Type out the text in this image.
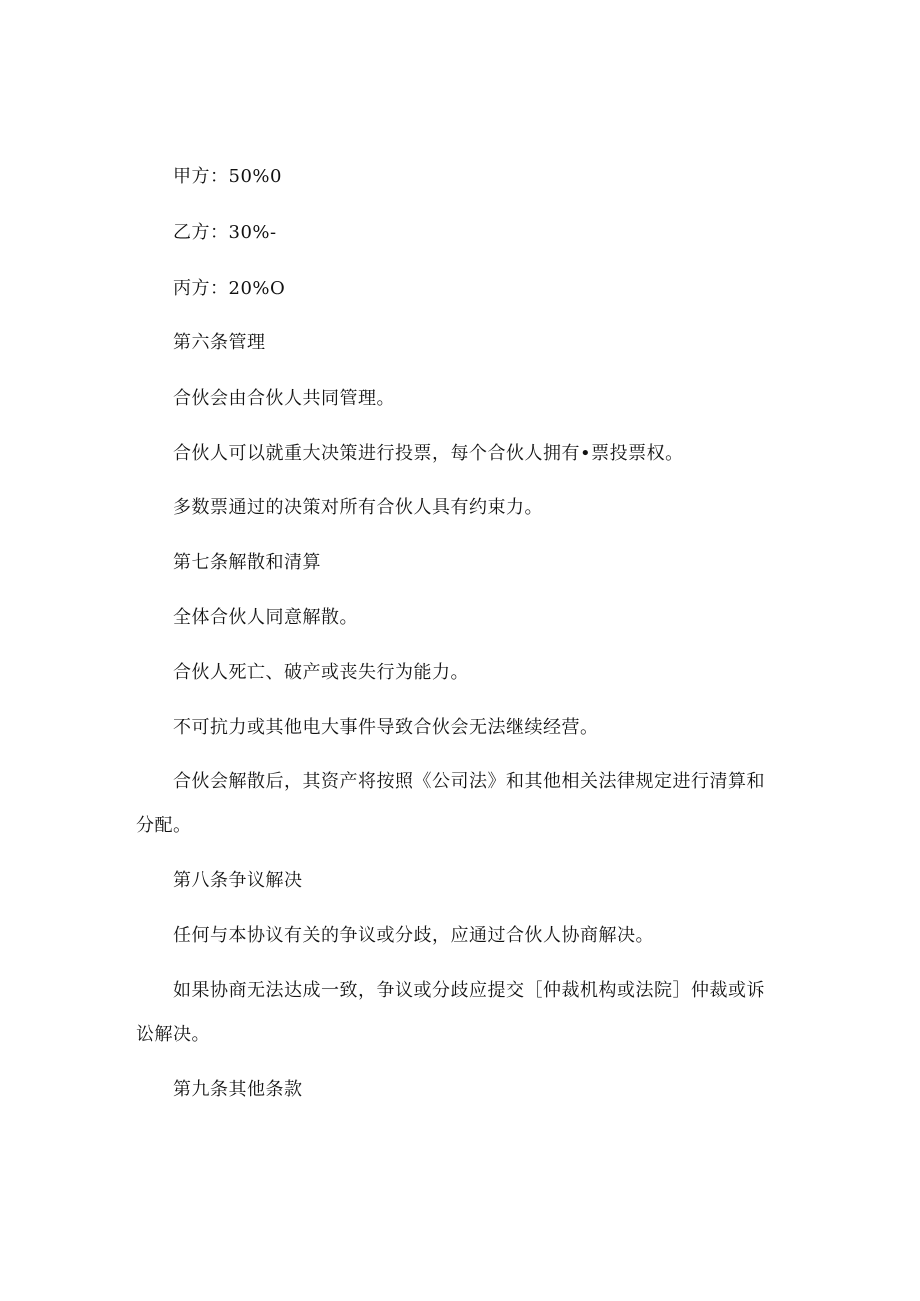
甲方：50%0

乙方：30%-

丙方：20%O

第六条管理

合伙会由合伙人共同管理。

合伙人可以就重大决策进行投票，每个合伙人拥有•票投票权。

多数票通过的决策对所有合伙人具有约束力。

第七条解散和清算

全体合伙人同意解散。

合伙人死亡、破产或丧失行为能力。

不可抗力或其他电大事件导致合伙会无法继续经营。

合伙会解散后，其资产将按照《公司法》和其他相关法律规定进行清算和

分配。

第八条争议解决

任何与本协议有关的争议或分歧，应通过合伙人协商解决。

如果协商无法达成一致，争议或分歧应提交［仲裁机构或法院］仲裁或诉

讼解决。

第九条其他条款
